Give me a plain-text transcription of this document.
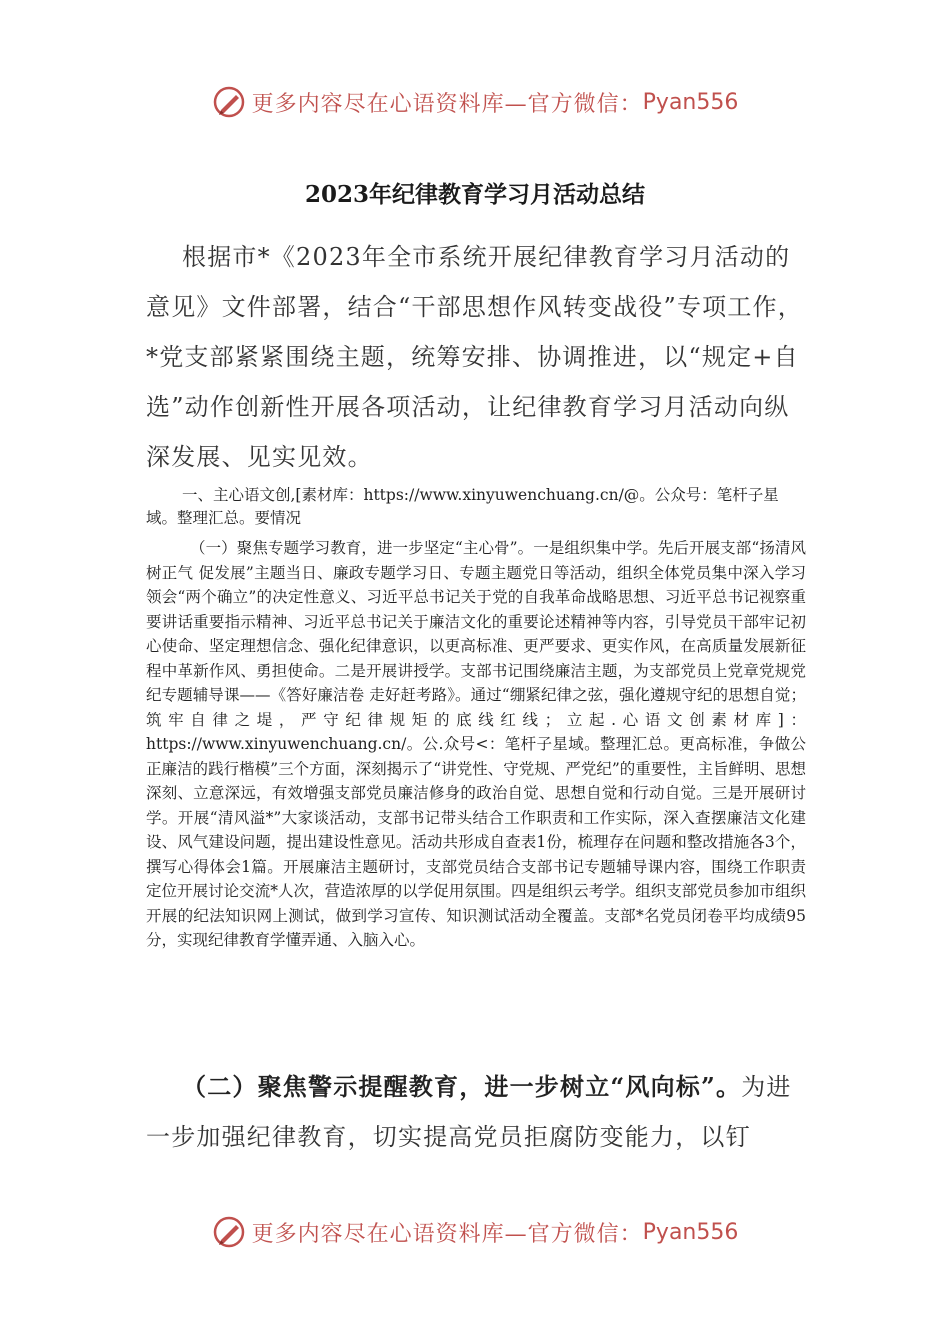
更多内容尽在心语资料库—官方微信： Pyan556
2023年纪律教育学习月活动总结
根据市*《2023年全市系统开展纪律教育学习月活动的意见》文件部署，结合“干部思想作风转变战役”专项工作，*党支部紧紧围绕主题，统筹安排、协调推进，以“规定+自选”动作创新性开展各项活动，让纪律教育学习月活动向纵深发展、见实见效。
一、主心语文创,[素材库：https://www.xinyuwenchuang.cn/@。公众号：笔杆子星域。整理汇总。要情况
（一）聚焦专题学习教育，进一步坚定“主心骨”。一是组织集中学。先后开展支部“扬清风 树正气 促发展”主题当日、廉政专题学习日、专题主题党日等活动，组织全体党员集中深入学习领会“两个确立”的决定性意义、习近平总书记关于党的自我革命战略思想、习近平总书记视察重要讲话重要指示精神、习近平总书记关于廉洁文化的重要论述精神等内容，引导党员干部牢记初心使命、坚定理想信念、强化纪律意识，以更高标准、更严要求、更实作风，在高质量发展新征程中革新作风、勇担使命。二是开展讲授学。支部书记围绕廉洁主题，为支部党员上党章党规党纪专题辅导课——《答好廉洁卷 走好赶考路》。通过“绷紧纪律之弦，强化遵规守纪的思想自觉；筑牢自律之堤，严守纪律规矩的底线红线；立起.心语文创素材库]：https://www.xinyuwenchuang.cn/。公.众号<：笔杆子星域。整理汇总。更高标准，争做公正廉洁的践行楷模”三个方面，深刻揭示了“讲党性、守党规、严党纪”的重要性，主旨鲜明、思想深刻、立意深远，有效增强支部党员廉洁修身的政治自觉、思想自觉和行动自觉。三是开展研讨学。开展“清风溢*”大家谈活动，支部书记带头结合工作职责和工作实际，深入查摆廉洁文化建设、风气建设问题，提出建设性意见。活动共形成自查表1份，梳理存在问题和整改措施各3个，撰写心得体会1篇。开展廉洁主题研讨，支部党员结合支部书记专题辅导课内容，围绕工作职责定位开展讨论交流*人次，营造浓厚的以学促用氛围。四是组织云考学。组织支部党员参加市组织开展的纪法知识网上测试，做到学习宣传、知识测试活动全覆盖。支部*名党员闭卷平均成绩95分，实现纪律教育学懂弄通、入脑入心。
（二）聚焦警示提醒教育，进一步树立“风向标”。为进一步加强纪律教育，切实提高党员拒腐防变能力，以钉
更多内容尽在心语资料库—官方微信： Pyan556
